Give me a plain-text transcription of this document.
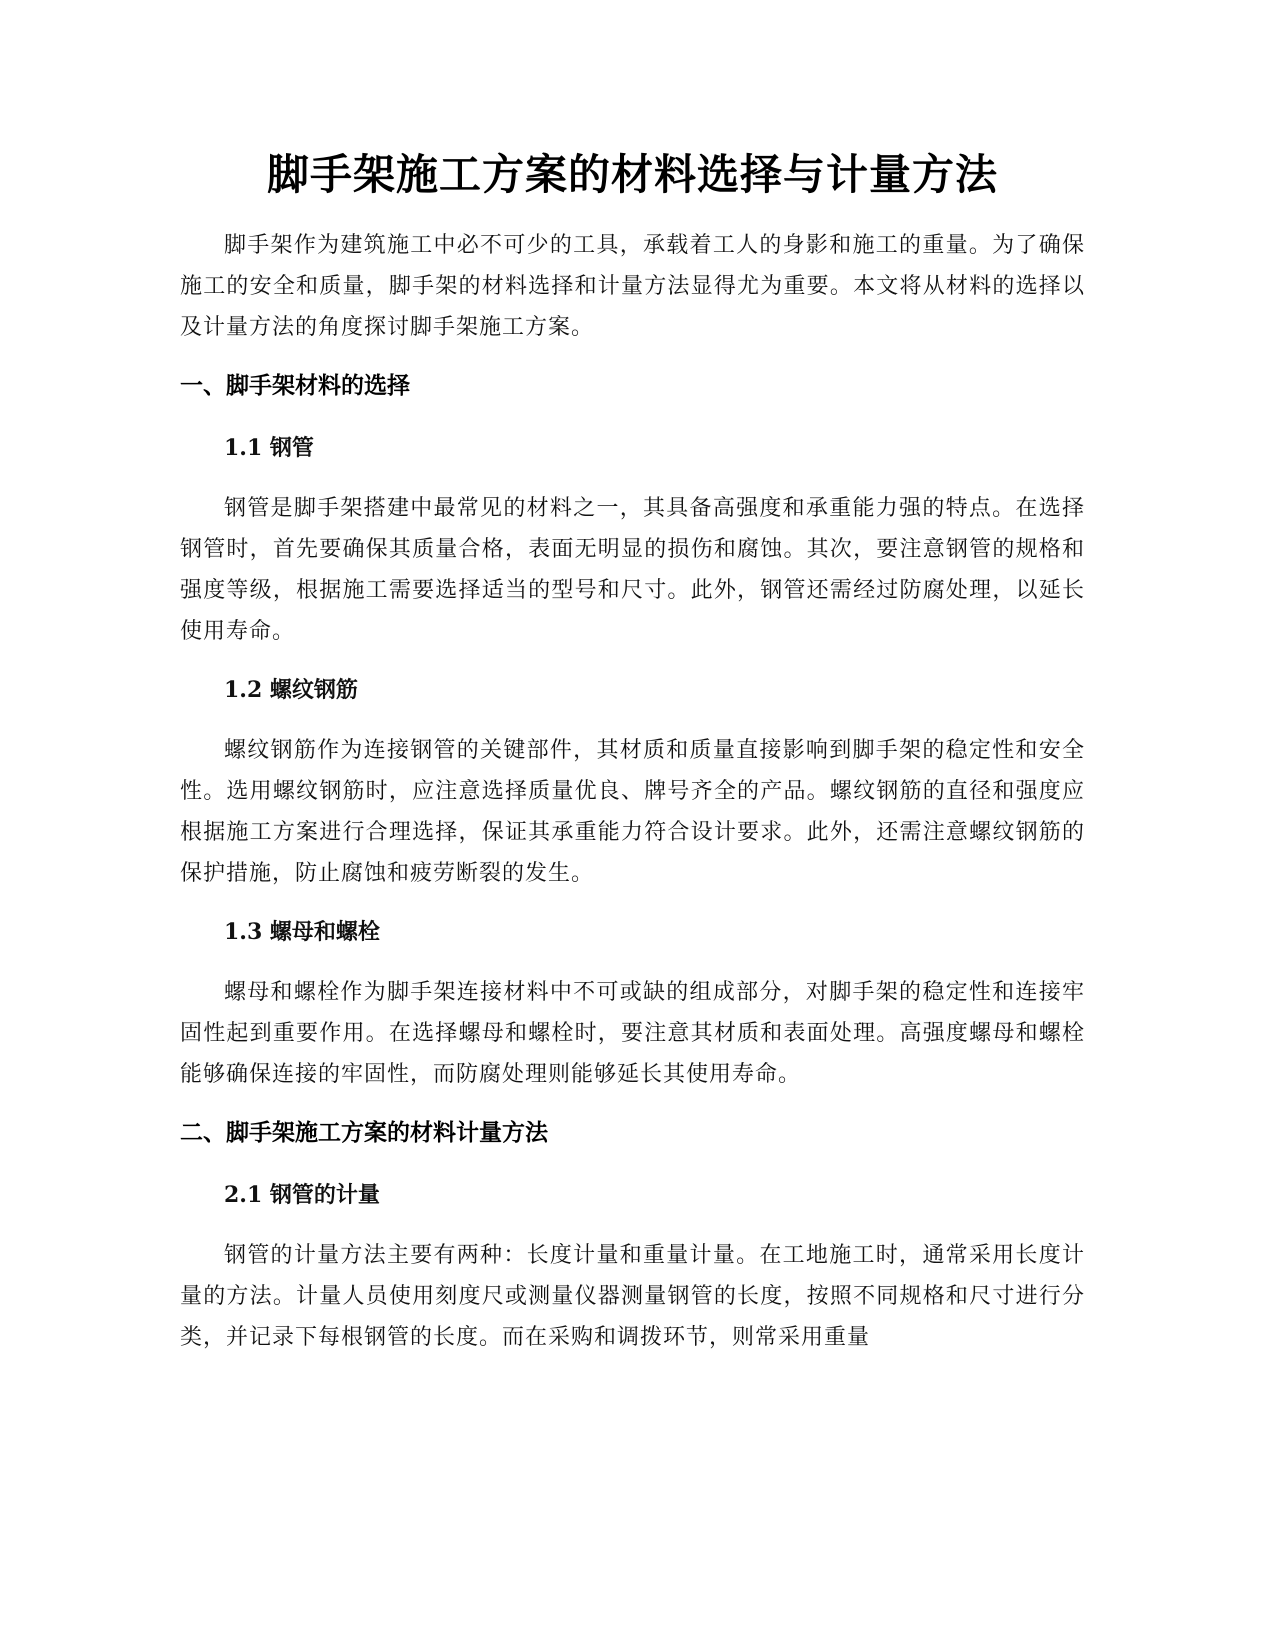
脚手架施工方案的材料选择与计量方法

脚手架作为建筑施工中必不可少的工具，承载着工人的身影和施工的重量。为了确保施工的安全和质量，脚手架的材料选择和计量方法显得尤为重要。本文将从材料的选择以及计量方法的角度探讨脚手架施工方案。

一、脚手架材料的选择
1.1 钢管

钢管是脚手架搭建中最常见的材料之一，其具备高强度和承重能力强的特点。在选择钢管时，首先要确保其质量合格，表面无明显的损伤和腐蚀。其次，要注意钢管的规格和强度等级，根据施工需要选择适当的型号和尺寸。此外，钢管还需经过防腐处理，以延长使用寿命。

1.2 螺纹钢筋

螺纹钢筋作为连接钢管的关键部件，其材质和质量直接影响到脚手架的稳定性和安全性。选用螺纹钢筋时，应注意选择质量优良、牌号齐全的产品。螺纹钢筋的直径和强度应根据施工方案进行合理选择，保证其承重能力符合设计要求。此外，还需注意螺纹钢筋的保护措施，防止腐蚀和疲劳断裂的发生。

1.3 螺母和螺栓

螺母和螺栓作为脚手架连接材料中不可或缺的组成部分，对脚手架的稳定性和连接牢固性起到重要作用。在选择螺母和螺栓时，要注意其材质和表面处理。高强度螺母和螺栓能够确保连接的牢固性，而防腐处理则能够延长其使用寿命。

二、脚手架施工方案的材料计量方法
2.1 钢管的计量

钢管的计量方法主要有两种：长度计量和重量计量。在工地施工时，通常采用长度计量的方法。计量人员使用刻度尺或测量仪器测量钢管的长度，按照不同规格和尺寸进行分类，并记录下每根钢管的长度。而在采购和调拨环节，则常采用重量
